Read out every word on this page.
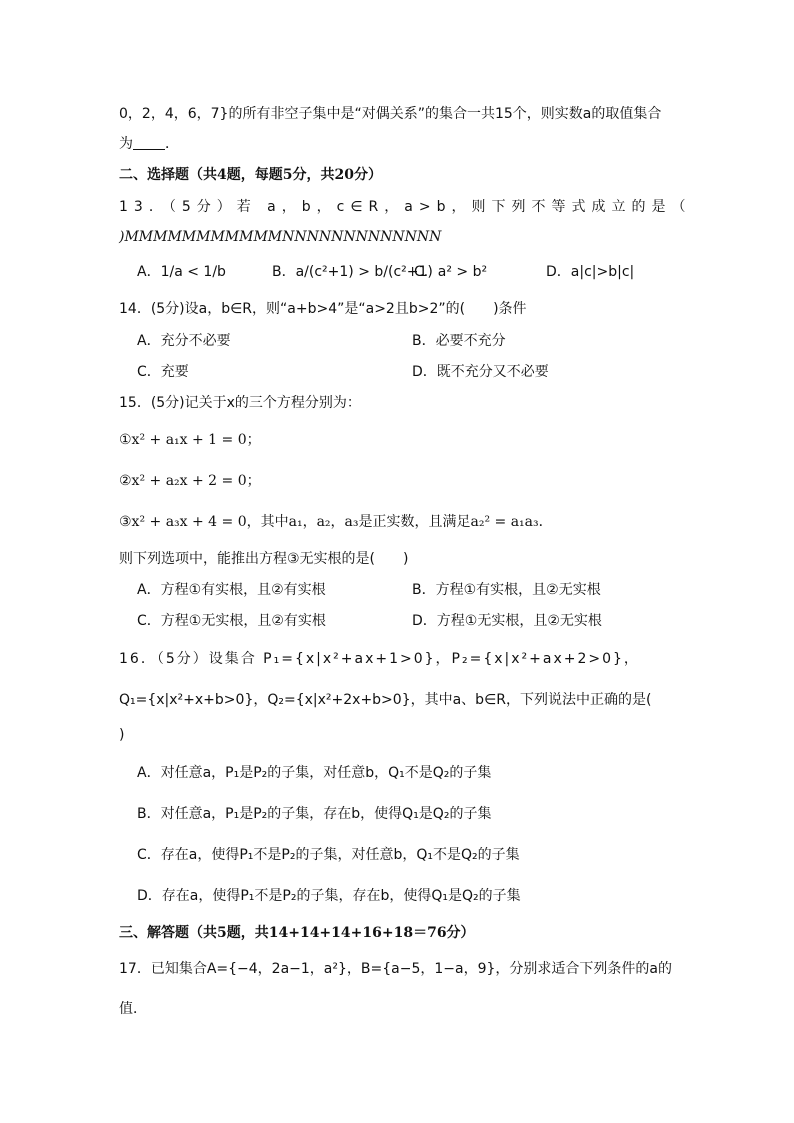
0，2，4，6，7}的所有非空子集中是“对偶关系”的集合一共15个，则实数a的取值集合
为 ．
二、选择题（共4题，每题5分，共20分）
13．（5分）若 a，b，c∈R，a>b，则下列不等式成立的是（
)MMMMMMMMMMMNNNNNNNNNNNNN
A．1/a < 1/b	B．a/(c²+1) > b/(c²+1)
C．a² > b²	D．a|c|>b|c|
14．(5分)设a，b∈R，则“a+b>4”是“a>2且b>2”的(　　)条件
A．充分不必要	B．必要不充分
C．充要	D．既不充分又不必要
15．(5分)记关于x的三个方程分别为：
①x² + a₁x + 1 = 0；
②x² + a₂x + 2 = 0；
③x² + a₃x + 4 = 0，其中a₁，a₂，a₃是正实数，且满足a₂² = a₁a₃．
则下列选项中，能推出方程③无实根的是(　　)
A．方程①有实根，且②有实根	B．方程①有实根，且②无实根
C．方程①无实根，且②有实根	D．方程①无实根，且②无实根
16．（5分）设集合 P₁={x|x²+ax+1>0}，P₂={x|x²+ax+2>0}，
Q₁={x|x²+x+b>0}，Q₂={x|x²+2x+b>0}，其中a、b∈R，下列说法中正确的是(
)
A．对任意a，P₁是P₂的子集，对任意b，Q₁不是Q₂的子集
B．对任意a，P₁是P₂的子集，存在b，使得Q₁是Q₂的子集
C．存在a，使得P₁不是P₂的子集，对任意b，Q₁不是Q₂的子集
D．存在a，使得P₁不是P₂的子集，存在b，使得Q₁是Q₂的子集
三、解答题（共5题，共14+14+14+16+18＝76分）
17．已知集合A={−4，2a−1，a²}，B={a−5，1−a，9}，分别求适合下列条件的a的
值．
